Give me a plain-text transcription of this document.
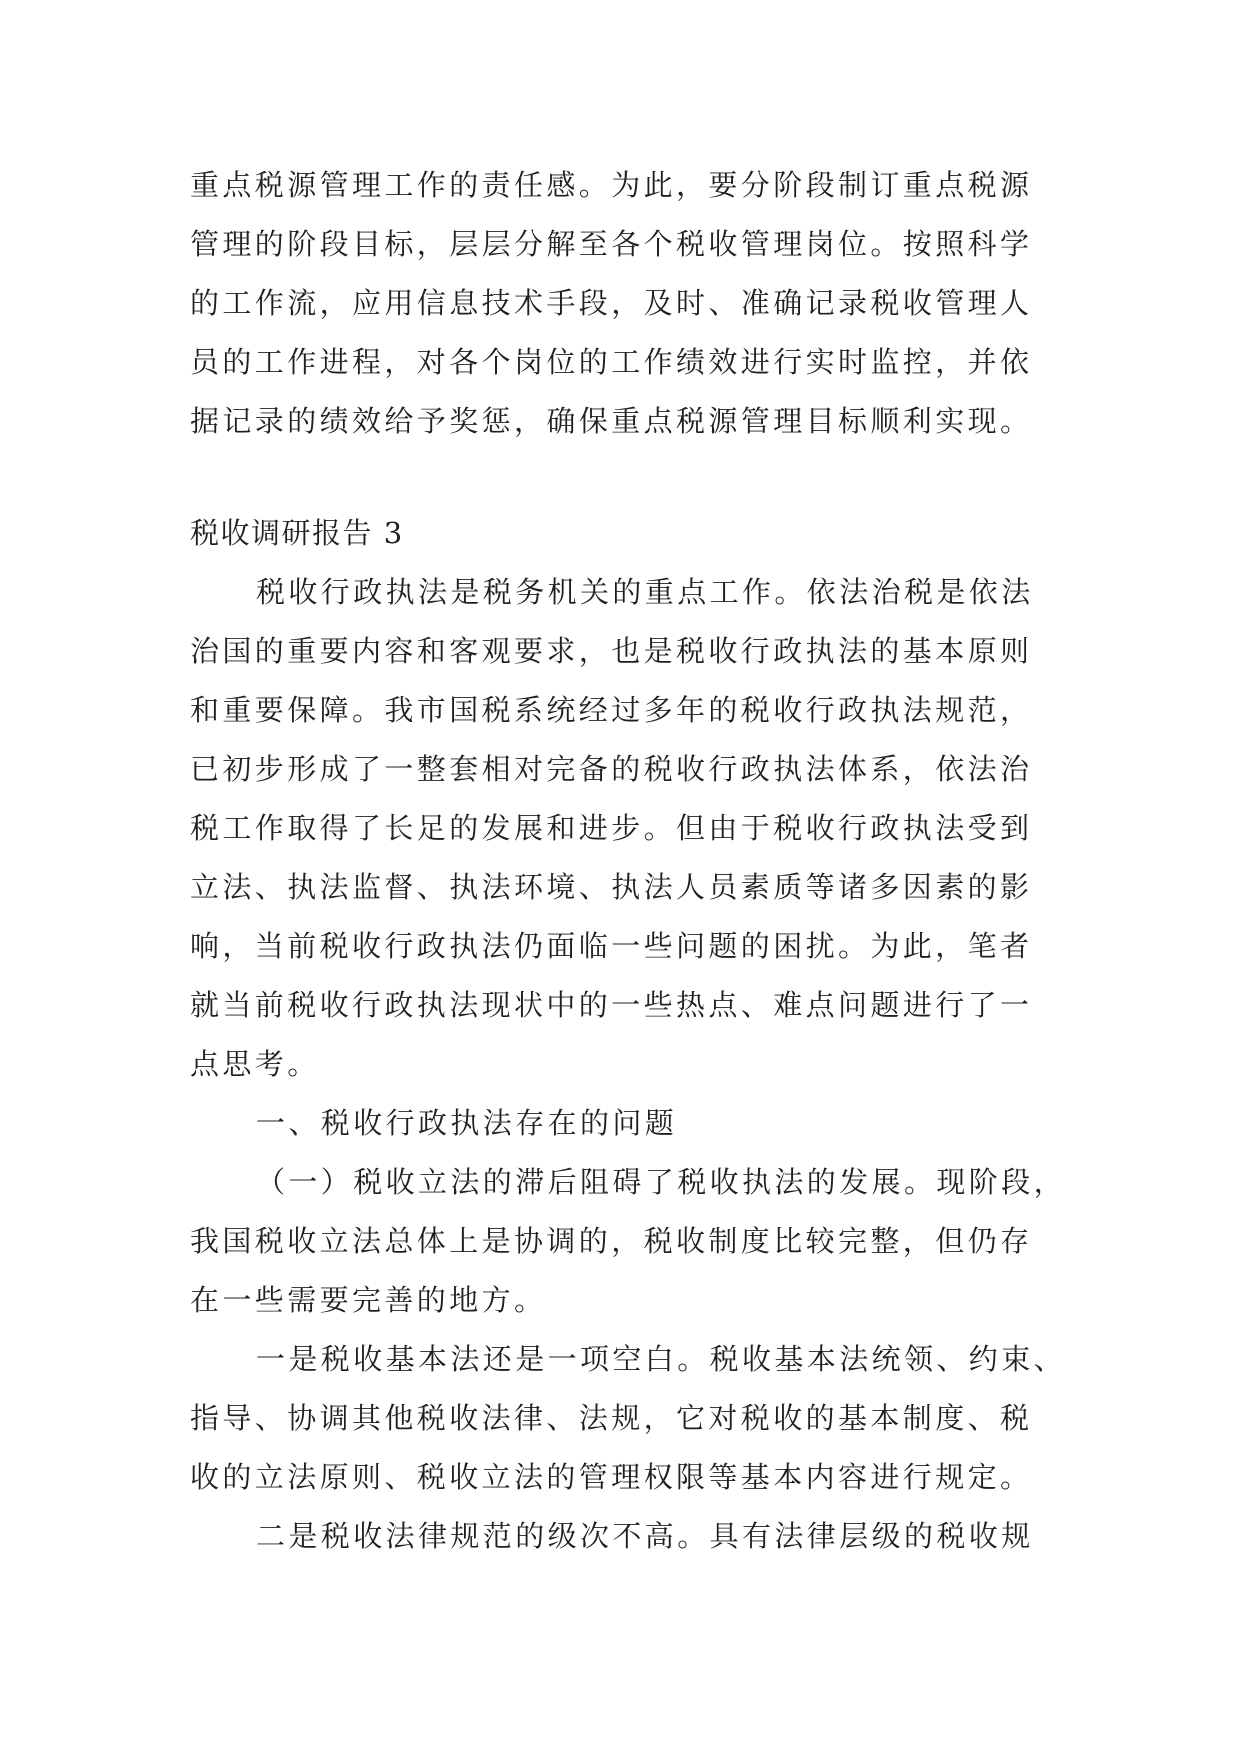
重点税源管理工作的责任感。为此，要分阶段制订重点税源
管理的阶段目标，层层分解至各个税收管理岗位。按照科学
的工作流，应用信息技术手段，及时、准确记录税收管理人
员的工作进程，对各个岗位的工作绩效进行实时监控，并依
据记录的绩效给予奖惩，确保重点税源管理目标顺利实现。
税收调研报告 3
税收行政执法是税务机关的重点工作。依法治税是依法
治国的重要内容和客观要求，也是税收行政执法的基本原则
和重要保障。我市国税系统经过多年的税收行政执法规范，
已初步形成了一整套相对完备的税收行政执法体系，依法治
税工作取得了长足的发展和进步。但由于税收行政执法受到
立法、执法监督、执法环境、执法人员素质等诸多因素的影
响，当前税收行政执法仍面临一些问题的困扰。为此，笔者
就当前税收行政执法现状中的一些热点、难点问题进行了一
点思考。
一、税收行政执法存在的问题
（一）税收立法的滞后阻碍了税收执法的发展。现阶段，
我国税收立法总体上是协调的，税收制度比较完整，但仍存
在一些需要完善的地方。
一是税收基本法还是一项空白。税收基本法统领、约束、
指导、协调其他税收法律、法规，它对税收的基本制度、税
收的立法原则、税收立法的管理权限等基本内容进行规定。
二是税收法律规范的级次不高。具有法律层级的税收规
